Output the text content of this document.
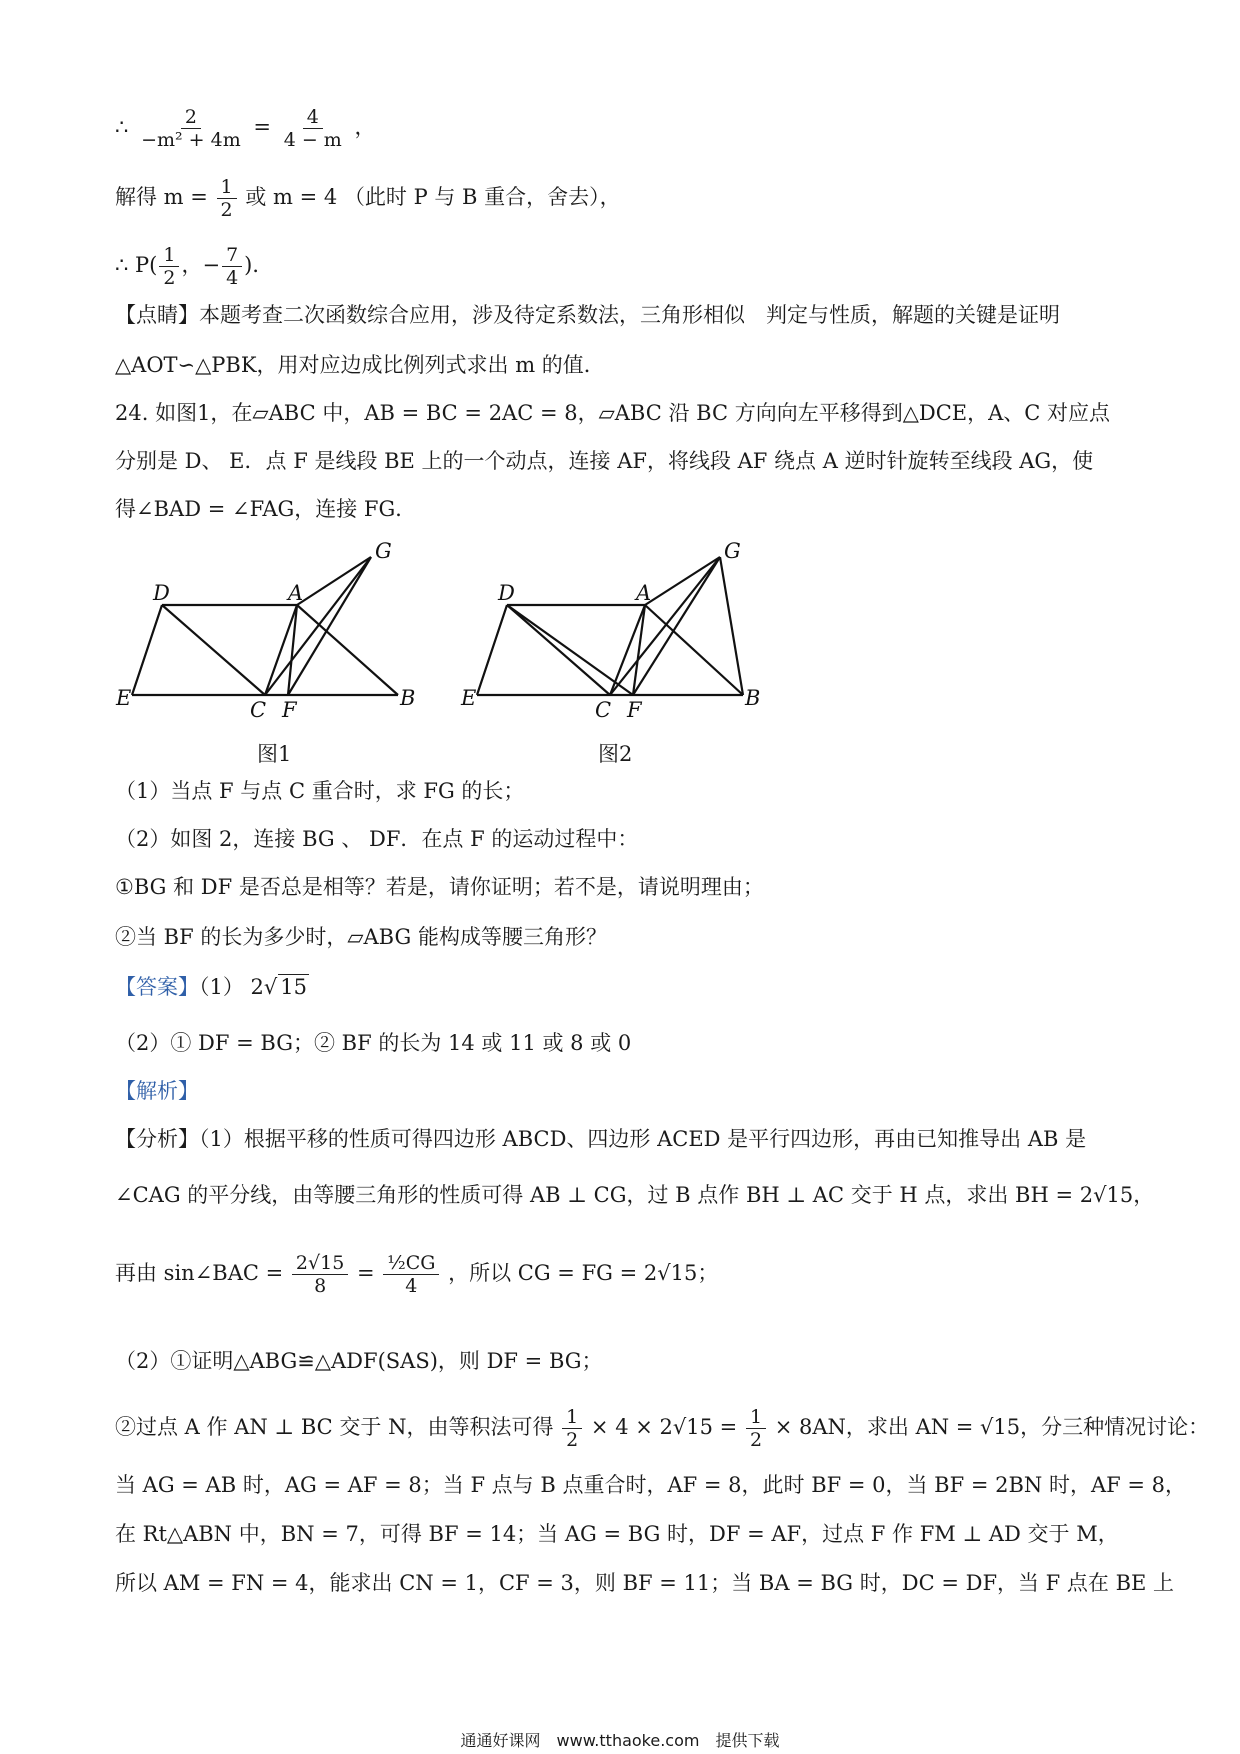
∴ $\frac{2}{\text{−m² + 4m}} = \frac{4}{4 - m}$ ，
解得 $m = \frac{1}{2}$ 或 m = 4 （此时 P 与 B 重合，舍去），
∴ $P( \frac{1}{2}$ ，− $\frac{7}{4}$ )．
【点睛】本题考查二次函数综合应用，涉及待定系数法，三角形相似　判定与性质，解题的关键是证明
△AOT∽△PBK，用对应边成比例列式求出 m 的值．
24. 如图1，在▱ABC 中，AB = BC = 2AC = 8，▱ABC 沿 BC 方向向左平移得到△DCE，A、C 对应点
分别是 D、 E．点 F 是线段 BE 上的一个动点，连接 AF，将线段 AF 绕点 A 逆时针旋转至线段 AG，使
得∠BAD = ∠FAG，连接 FG．
D	A
G
E	C F	B
图1
D	A
G
E	C F	B
图2
（1）当点 F 与点 C 重合时，求 FG 的长；
（2）如图 2，连接 BG 、 DF．在点 F 的运动过程中：
①BG 和 DF 是否总是相等？若是，请你证明；若不是，请说明理由；
②当 BF 的长为多少时，▱ABG 能构成等腰三角形？
【答案】（1） 2√ 15
（2）① DF = BG；② BF 的长为 14 或 11 或 8 或 0
【解析】
【分析】（1）根据平移的性质可得四边形 ABCD、四边形 ACED 是平行四边形，再由已知推导出 AB 是
∠CAG 的平分线，由等腰三角形的性质可得 AB ⊥ CG，过 B 点作 BH ⊥ AC 交于 H 点，求出 BH = 2√15，
再由 sin∠BAC = $\frac{2√15}{8} = \frac{\text{½CG}}{4}$ ，所以 CG = FG = 2√15；
（2）①证明△ABG≌△ADF(SAS)，则 DF = BG；
②过点 A 作 AN ⊥ BC 交于 N，由等积法可得 $\frac{1}{2} \times 4 \times 2√15 = \frac{1}{2} \times 8AN$，求出 AN = √15，分三种情况讨论：
当 AG = AB 时，AG = AF = 8；当 F 点与 B 点重合时，AF = 8，此时 BF = 0，当 BF = 2BN 时，AF = 8，
在 Rt△ABN 中，BN = 7，可得 BF = 14；当 AG = BG 时，DF = AF，过点 F 作 FM ⊥ AD 交于 M，
所以 AM = FN = 4，能求出 CN = 1，CF = 3，则 BF = 11；当 BA = BG 时，DC = DF，当 F 点在 BE 上
通通好课网　www.tthaoke.com　提供下载
